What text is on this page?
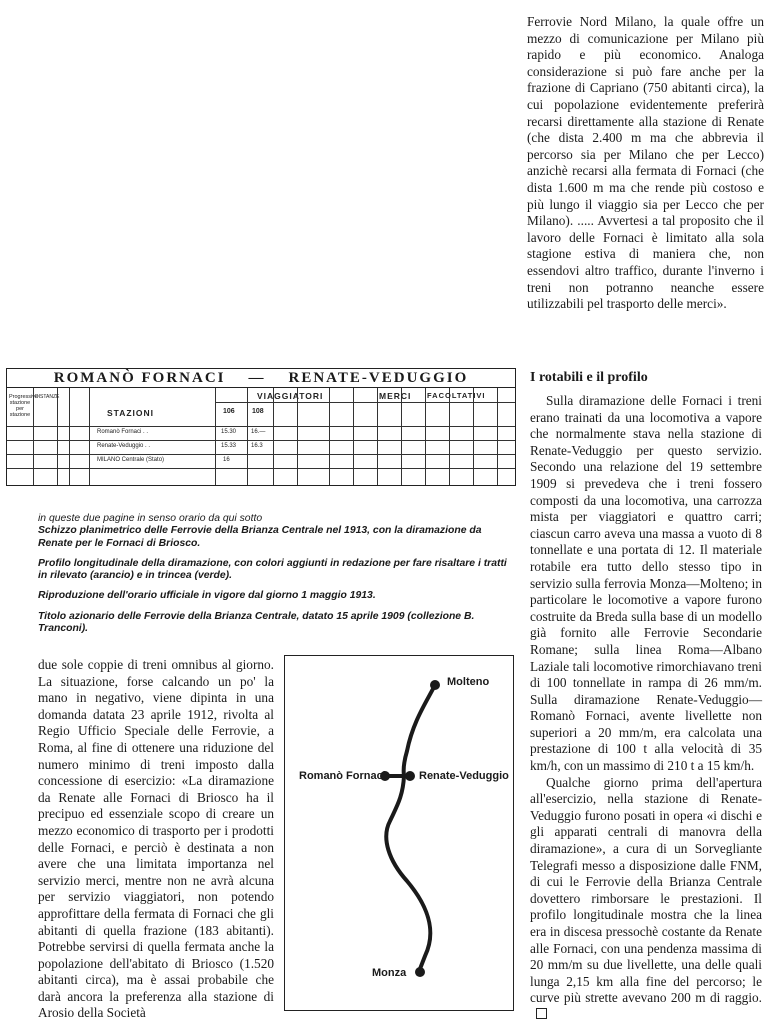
Ferrovie Nord Milano, la quale offre un mezzo di comunicazione per Milano più rapido e più economico. Analoga considerazione si può fare anche per la frazione di Capriano (750 abitanti circa), la cui popolazione evidentemente preferirà recarsi direttamente alla stazione di Renate (che dista 2.400 m ma che abbrevia il percorso sia per Milano che per Lecco) anzichè recarsi alla fermata di Fornaci (che dista 1.600 m ma che rende più costoso e più lungo il viaggio sia per Lecco che per Milano). ..... Avvertesi a tal proposito che il lavoro delle Fornaci è limitato alla sola stagione estiva di maniera che, non essendovi altro traffico, durante l'inverno i treni non potranno neanche essere utilizzabili pel trasporto delle merci».

ROMANÒ FORNACI — RENATE-VEDUGGIO
Progressive stazione per stazione
DISTANZE
STAZIONI
VIAGGIATORI	MERCI FACOLTATIVI
106 108
Romanò Fornaci . .	15.30 16.—
Renate-Veduggio . .	15.33 16.3
MILANO Centrale (Stato)	16

in queste due pagine in senso orario da qui sotto

Schizzo planimetrico delle Ferrovie della Brianza Centrale nel 1913, con la diramazione da Renate per le Fornaci di Briosco.

Profilo longitudinale della diramazione, con colori aggiunti in redazione per fare risaltare i tratti in rilevato (arancio) e in trincea (verde).

Riproduzione dell'orario ufficiale in vigore dal giorno 1 maggio 1913.

Titolo azionario delle Ferrovie della Brianza Centrale, datato 15 aprile 1909 (collezione B. Tranconi).

due sole coppie di treni omnibus al giorno. La situazione, forse calcando un po' la mano in negativo, viene dipinta in una domanda datata 23 aprile 1912, rivolta al Regio Ufficio Speciale delle Ferrovie, a Roma, al fine di ottenere una riduzione del numero minimo di treni imposto dalla concessione di esercizio: «La diramazione da Renate alle Fornaci di Briosco ha il precipuo ed essenziale scopo di creare un mezzo economico di trasporto per i prodotti delle Fornaci, e perciò è destinata a non avere che una limitata importanza nel servizio merci, mentre non ne avrà alcuna per servizio viaggiatori, non potendo approfittare della fermata di Fornaci che gli abitanti di quella frazione (183 abitanti). Potrebbe servirsi di quella fermata anche la popolazione dell'abitato di Briosco (1.520 abitanti circa), ma è assai probabile che darà ancora la preferenza alla stazione di Arosio della Società

Molteno
Romanò Fornaci	Renate-Veduggio
Monza
I rotabili e il profilo

Sulla diramazione delle Fornaci i treni erano trainati da una locomotiva a vapore che normalmente stava nella stazione di Renate-Veduggio per questo servizio. Secondo una relazione del 19 settembre 1909 si prevedeva che i treni fossero composti da una locomotiva, una carrozza mista per viaggiatori e quattro carri; ciascun carro aveva una massa a vuoto di 8 tonnellate e una portata di 12. Il materiale rotabile era tutto dello stesso tipo in servizio sulla ferrovia Monza—Molteno; in particolare le locomotive a vapore furono costruite da Breda sulla base di un modello già fornito alle Ferrovie Secondarie Romane; sulla linea Roma—Albano Laziale tali locomotive rimorchiavano treni di 100 tonnellate in rampa di 26 mm/m. Sulla diramazione Renate-Veduggio—Romanò Fornaci, avente livellette non superiori a 20 mm/m, era calcolata una prestazione di 100 t alla velocità di 35 km/h, con un massimo di 210 t a 15 km/h.

Qualche giorno prima dell'apertura all'esercizio, nella stazione di Renate-Veduggio furono posati in opera «i dischi e gli apparati centrali di manovra della diramazione», a cura di un Sorvegliante Telegrafi messo a disposizione dalle FNM, di cui le Ferrovie della Brianza Centrale dovettero rimborsare le prestazioni. Il profilo longitudinale mostra che la linea era in discesa pressochè costante da Renate alle Fornaci, con una pendenza massima di 20 mm/m su due livellette, una delle quali lunga 2,15 km alla fine del percorso; le curve più strette avevano 200 m di raggio.
